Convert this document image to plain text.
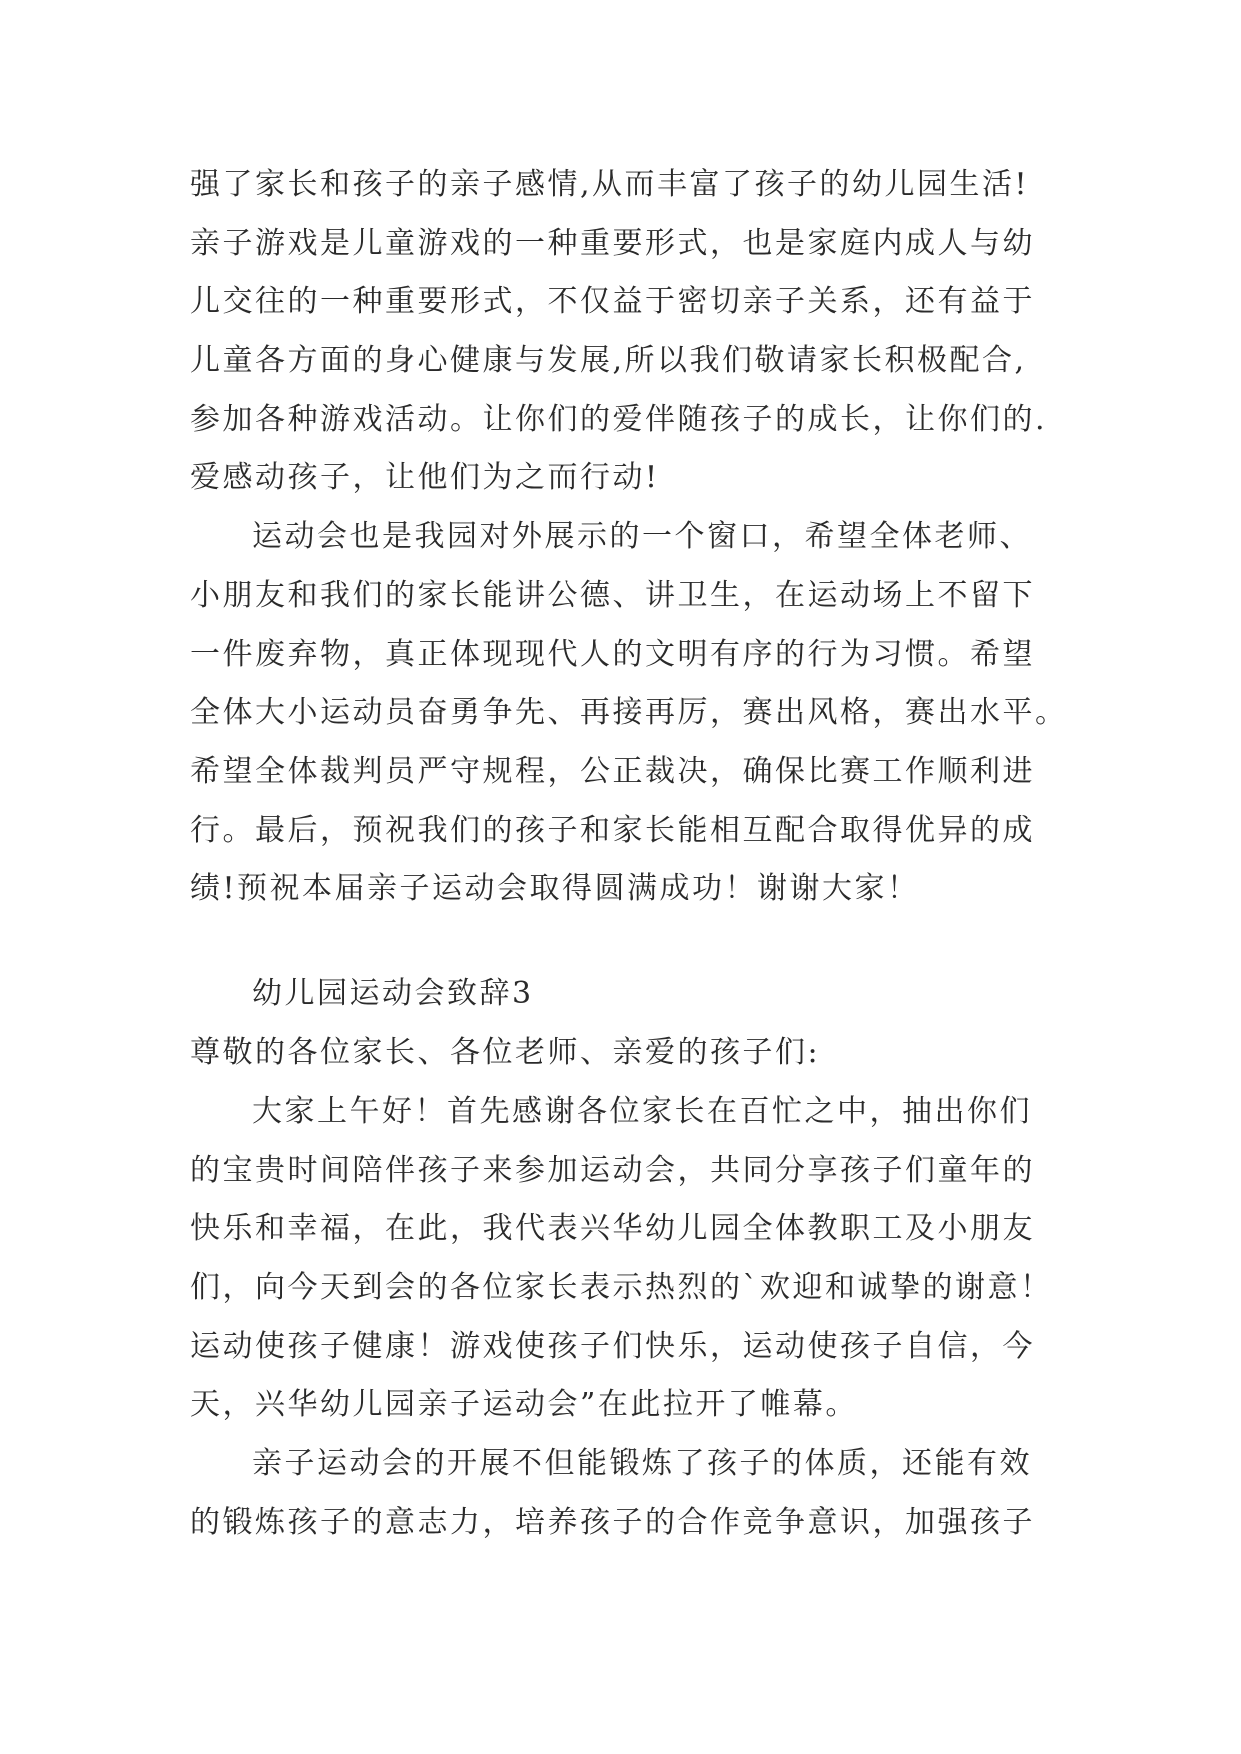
强了家长和孩子的亲子感情,从而丰富了孩子的幼儿园生活!
亲子游戏是儿童游戏的一种重要形式，也是家庭内成人与幼
儿交往的一种重要形式，不仅益于密切亲子关系，还有益于
儿童各方面的身心健康与发展,所以我们敬请家长积极配合,
参加各种游戏活动。让你们的爱伴随孩子的成长，让你们的.
爱感动孩子，让他们为之而行动!
运动会也是我园对外展示的一个窗口，希望全体老师、
小朋友和我们的家长能讲公德、讲卫生，在运动场上不留下
一件废弃物，真正体现现代人的文明有序的行为习惯。希望
全体大小运动员奋勇争先、再接再厉，赛出风格，赛出水平。
希望全体裁判员严守规程，公正裁决，确保比赛工作顺利进
行。最后，预祝我们的孩子和家长能相互配合取得优异的成
绩!预祝本届亲子运动会取得圆满成功！谢谢大家！
幼儿园运动会致辞3
尊敬的各位家长、各位老师、亲爱的孩子们:
大家上午好！首先感谢各位家长在百忙之中，抽出你们
的宝贵时间陪伴孩子来参加运动会，共同分享孩子们童年的
快乐和幸福，在此，我代表兴华幼儿园全体教职工及小朋友
们，向今天到会的各位家长表示热烈的`欢迎和诚挚的谢意！
运动使孩子健康！游戏使孩子们快乐，运动使孩子自信，今
天，兴华幼儿园亲子运动会”在此拉开了帷幕。
亲子运动会的开展不但能锻炼了孩子的体质，还能有效
的锻炼孩子的意志力，培养孩子的合作竞争意识，加强孩子
